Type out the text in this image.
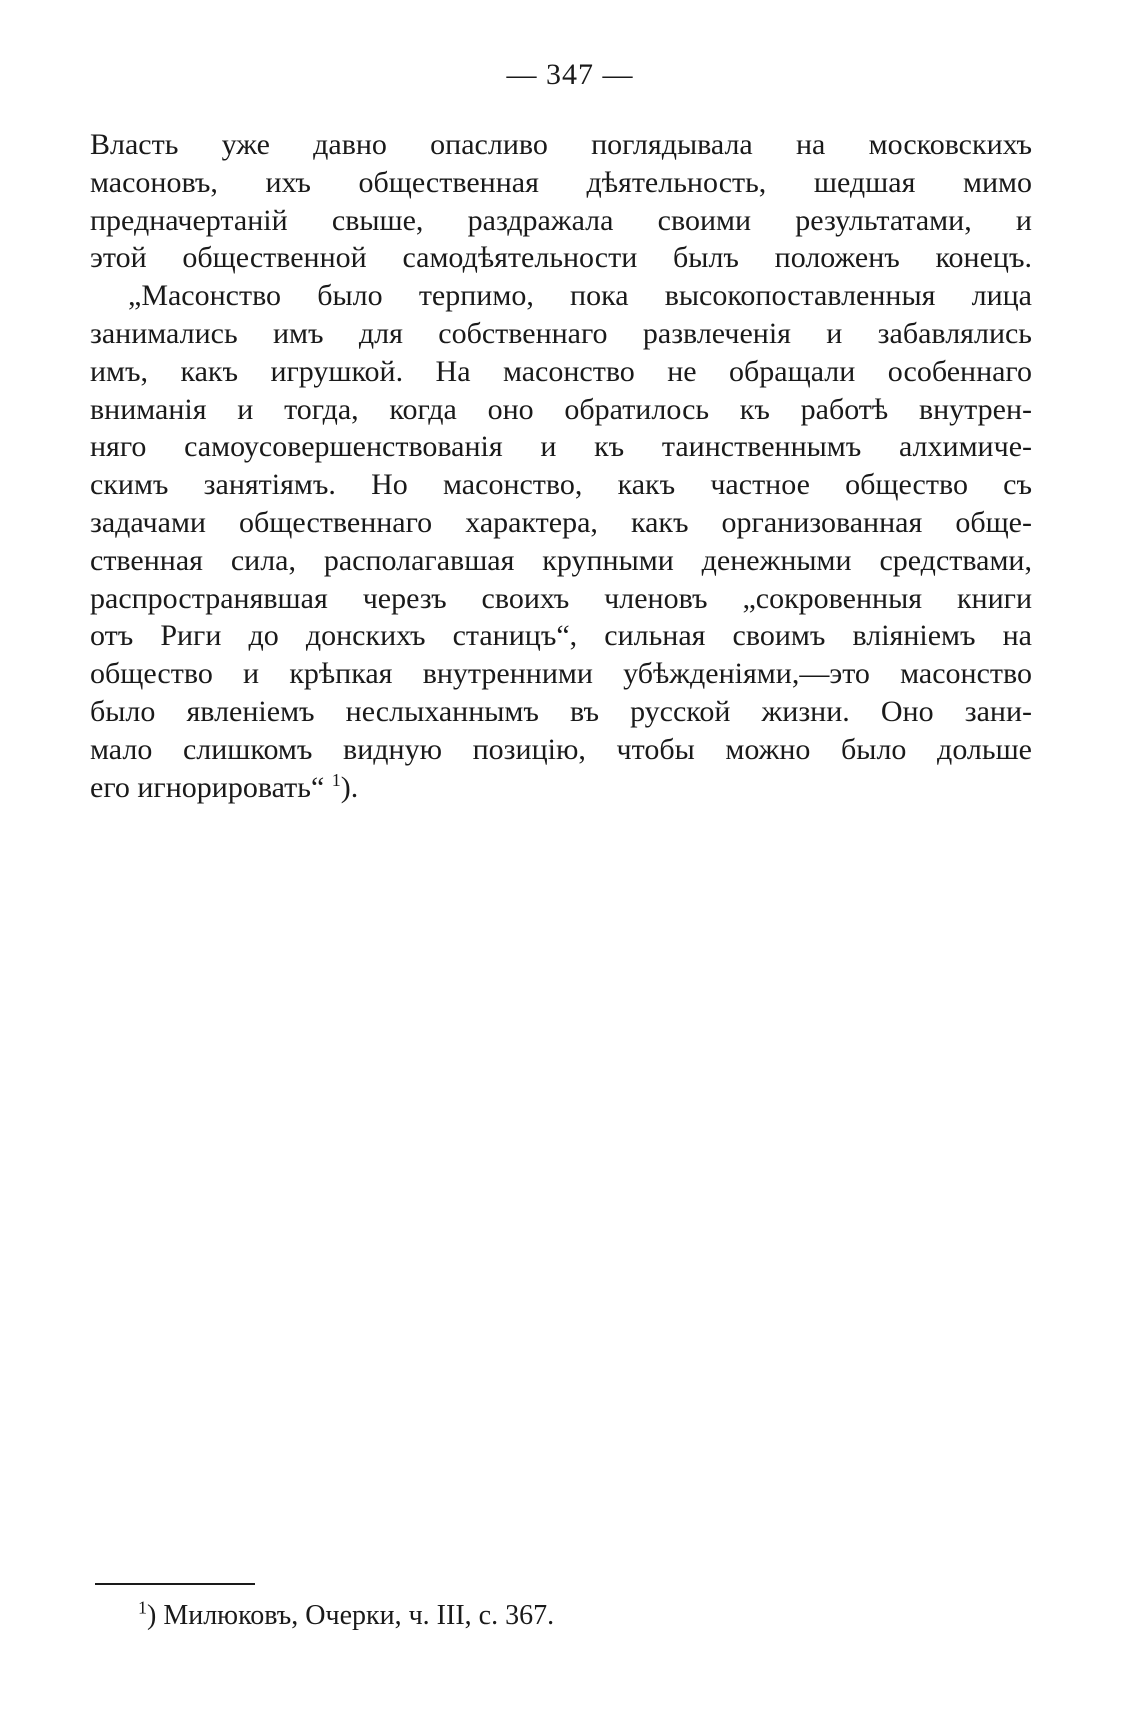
— 347 —

Власть уже давно опасливо поглядывала на московскихъ
масоновъ, ихъ общественная дѣятельность, шедшая мимо
предначертаній свыше, раздражала своими результатами, и
этой общественной самодѣятельности былъ положенъ конецъ.
„Масонство было терпимо, пока высокопоставленныя лица
занимались имъ для собственнаго развлеченія и забавлялись
имъ, какъ игрушкой. На масонство не обращали особеннаго
вниманія и тогда, когда оно обратилось къ работѣ внутрен-
няго самоусовершенствованія и къ таинственнымъ алхимиче-
скимъ занятіямъ. Но масонство, какъ частное общество съ
задачами общественнаго характера, какъ организованная обще-
ственная сила, располагавшая крупными денежными средствами,
распространявшая черезъ своихъ членовъ „сокровенныя книги
отъ Риги до донскихъ станицъ“, сильная своимъ вліяніемъ на
общество и крѣпкая внутренними убѣжденіями,—это масонство
было явленіемъ неслыханнымъ въ русской жизни. Оно зани-
мало слишкомъ видную позицію, чтобы можно было дольше
его игнорировать“ $^1$).

$^1$) Милюковъ, Очерки, ч. III, с. 367.
